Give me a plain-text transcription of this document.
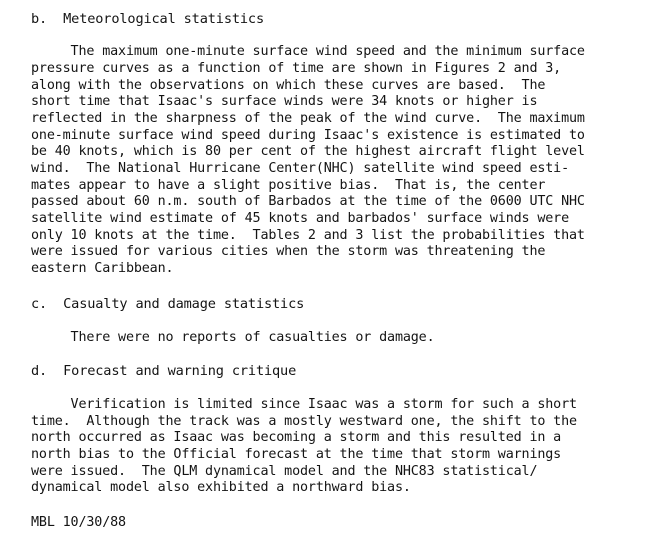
b.  Meteorological statistics
The maximum one-minute surface wind speed and the minimum surface
pressure curves as a function of time are shown in Figures 2 and 3,
along with the observations on which these curves are based.  The
short time that Isaac's surface winds were 34 knots or higher is
reflected in the sharpness of the peak of the wind curve.  The maximum
one-minute surface wind speed during Isaac's existence is estimated to
be 40 knots, which is 80 per cent of the highest aircraft flight level
wind.  The National Hurricane Center(NHC) satellite wind speed esti-
mates appear to have a slight positive bias.  That is, the center
passed about 60 n.m. south of Barbados at the time of the 0600 UTC NHC
satellite wind estimate of 45 knots and barbados' surface winds were
only 10 knots at the time.  Tables 2 and 3 list the probabilities that
were issued for various cities when the storm was threatening the
eastern Caribbean.
c.  Casualty and damage statistics
There were no reports of casualties or damage.
d.  Forecast and warning critique
Verification is limited since Isaac was a storm for such a short
time.  Although the track was a mostly westward one, the shift to the
north occurred as Isaac was becoming a storm and this resulted in a
north bias to the Official forecast at the time that storm warnings
were issued.  The QLM dynamical model and the NHC83 statistical/
dynamical model also exhibited a northward bias.
MBL 10/30/88
